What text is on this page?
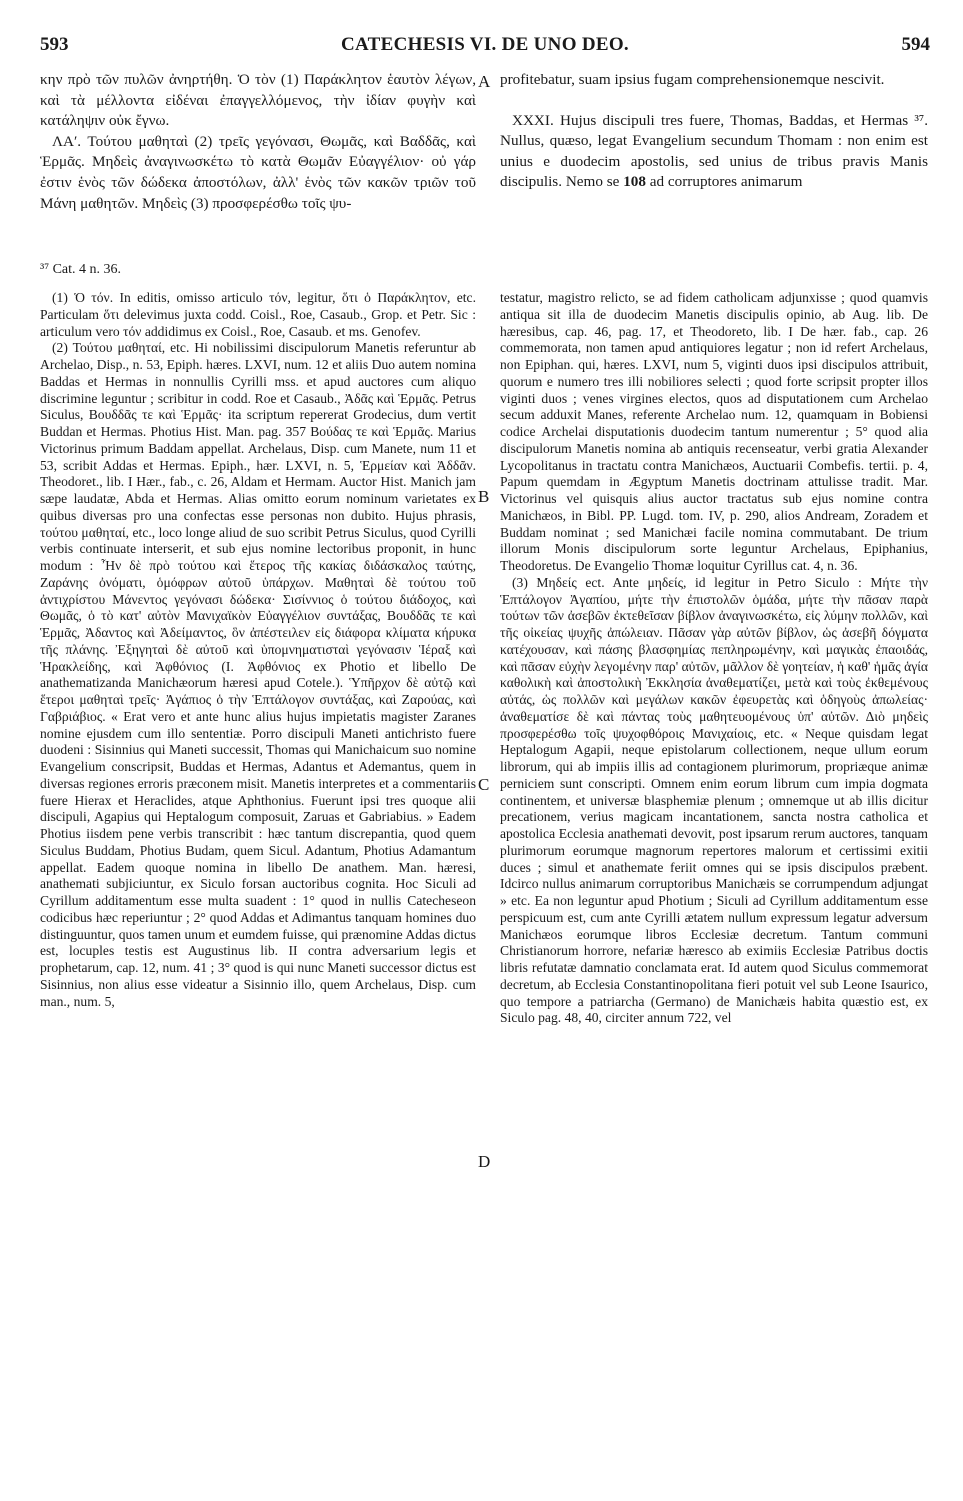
593	CATECHESIS VI. DE UNO DEO.	594

κην πρὸ τῶν πυλῶν ἀνηρτήθη. Ὁ τὸν (1) Παράκλητον ἑαυτὸν λέγων, καὶ τὰ μέλλοντα εἰδέναι ἐπαγγελλόμενος, τὴν ἰδίαν φυγὴν καὶ κατάληψιν οὐκ ἔγνω.

ΛΑʹ. Τούτου μαθηταὶ (2) τρεῖς γεγόνασι, Θωμᾶς, καὶ Βαδδᾶς, καὶ Ἑρμᾶς. Μηδεὶς ἀναγινωσκέτω τὸ κατὰ Θωμᾶν Εὐαγγέλιον· οὐ γάρ ἐστιν ἑνὸς τῶν δώδεκα ἀποστόλων, ἀλλ' ἑνὸς τῶν κακῶν τριῶν τοῦ Μάνη μαθητῶν. Μηδεὶς (3) προσφερέσθω τοῖς ψυ-

profitebatur, suam ipsius fugam comprehensionemque nescivit.

XXXI. Hujus discipuli tres fuere, Thomas, Baddas, et Hermas ³⁷. Nullus, quæso, legat Evangelium secundum Thomam : non enim est unius e duodecim apostolis, sed unius de tribus pravis Manis discipulis. Nemo se 108 ad corruptores animarum

³⁷ Cat. 4 n. 36.
A
B
C
D

(1) Ὁ τόν. In editis, omisso articulo τόν, legitur, ὅτι ὁ Παράκλητον, etc. Particulam ὅτι delevimus juxta codd. Coisl., Roe, Casaub., Grop. et Petr. Sic : articulum vero τόν addidimus ex Coisl., Roe, Casaub. et ms. Genofev.

(2) Τούτου μαθηταί, etc. Hi nobilissimi discipulorum Manetis referuntur ab Archelao, Disp., n. 53, Epiph. hæres. LXVI, num. 12 et aliis Duo autem nomina Baddas et Hermas in nonnullis Cyrilli mss. et apud auctores cum aliquo discrimine leguntur ; scribitur in codd. Roe et Casaub., Ἀδᾶς καὶ Ἑρμᾶς. Petrus Siculus, Βουδδᾶς τε καὶ Ἑρμᾶς· ita scriptum repererat Grodecius, dum vertit Buddan et Hermas. Photius Hist. Man. pag. 357 Βούδας τε καὶ Ἑρμᾶς. Marius Victorinus primum Baddam appellat. Archelaus, Disp. cum Manete, num 11 et 53, scribit Addas et Hermas. Epiph., hær. LXVI, n. 5, Ἑρμείαν καὶ Ἀδδᾶν. Theodoret., lib. I Hær., fab., c. 26, Aldam et Hermam. Auctor Hist. Manich jam sæpe laudatæ, Abda et Hermas. Alias omitto eorum nominum varietates ex quibus diversas pro una confectas esse personas non dubito. Hujus phrasis, τούτου μαθηταί, etc., loco longe aliud de suo scribit Petrus Siculus, quod Cyrilli verbis continuate interserit, et sub ejus nomine lectoribus proponit, in hunc modum : Ἦν δὲ πρὸ τούτου καὶ ἕτερος τῆς κακίας διδάσκαλος ταύτης, Ζαράνης ὀνόματι, ὁμόφρων αὐτοῦ ὑπάρχων. Μαθηταὶ δὲ τούτου τοῦ ἀντιχρίστου Μάνεντος γεγόνασι δώδεκα· Σισίννιος ὁ τούτου διάδοχος, καὶ Θωμᾶς, ὁ τὸ κατ' αὐτὸν Μανιχαϊκὸν Εὐαγγέλιον συντάξας, Βουδδᾶς τε καὶ Ἑρμᾶς, Ἀδαντος καὶ Ἀδείμαντος, ὃν ἀπέστειλεν εἰς διάφορα κλίματα κήρυκα τῆς πλάνης. Ἐξηγηταὶ δὲ αὐτοῦ καὶ ὑπομνηματισταὶ γεγόνασιν Ἱέραξ καὶ Ἡρακλείδης, καὶ Ἀφθόνιος (I. Ἀφθόνιος ex Photio et libello De anathematizanda Manichæorum hæresi apud Cotele.). Ὑπῆρχον δὲ αὐτῷ καὶ ἕτεροι μαθηταὶ τρεῖς· Ἀγάπιος ὁ τὴν Ἑπτάλογον συντάξας, καὶ Ζαρούας, καὶ Γαβριάβιος. « Erat vero et ante hunc alius hujus impietatis magister Zaranes nomine ejusdem cum illo sententiæ. Porro discipuli Maneti antichristo fuere duodeni : Sisinnius qui Maneti successit, Thomas qui Manichaicum suo nomine Evangelium conscripsit, Buddas et Hermas, Adantus et Ademantus, quem in diversas regiones erroris præconem misit. Manetis interpretes et a commentariis fuere Hierax et Heraclides, atque Aphthonius. Fuerunt ipsi tres quoque alii discipuli, Agapius qui Heptalogum composuit, Zaruas et Gabriabius. » Eadem Photius iisdem pene verbis transcribit : hæc tantum discrepantia, quod quem Siculus Buddam, Photius Budam, quem Sicul. Adantum, Photius Adamantum appellat. Eadem quoque nomina in libello De anathem. Man. hæresi, anathemati subjiciuntur, ex Siculo forsan auctoribus cognita. Hoc Siculi ad Cyrillum additamentum esse multa suadent : 1° quod in nullis Catecheseon codicibus hæc reperiuntur ; 2° quod Addas et Adimantus tanquam homines duo distinguuntur, quos tamen unum et eumdem fuisse, qui prænomine Addas dictus est, locuples testis est Augustinus lib. II contra adversarium legis et prophetarum, cap. 12, num. 41 ; 3° quod is qui nunc Maneti successor dictus est Sisinnius, non alius esse videatur a Sisinnio illo, quem Archelaus, Disp. cum man., num. 5,

testatur, magistro relicto, se ad fidem catholicam adjunxisse ; quod quamvis antiqua sit illa de duodecim Manetis discipulis opinio, ab Aug. lib. De hæresibus, cap. 46, pag. 17, et Theodoreto, lib. I De hær. fab., cap. 26 commemorata, non tamen apud antiquiores legatur ; non id refert Archelaus, non Epiphan. qui, hæres. LXVI, num 5, viginti duos ipsi discipulos attribuit, quorum e numero tres illi nobiliores selecti ; quod forte scripsit propter illos viginti duos ; venes virgines electos, quos ad disputationem cum Archelao secum adduxit Manes, referente Archelao num. 12, quamquam in Bobiensi codice Archelai disputationis duodecim tantum numerentur ; 5° quod alia discipulorum Manetis nomina ab antiquis recenseatur, verbi gratia Alexander Lycopolitanus in tractatu contra Manichæos, Auctuarii Combefis. tertii. p. 4, Papum quemdam in Ægyptum Manetis doctrinam attulisse tradit. Mar. Victorinus vel quisquis alius auctor tractatus sub ejus nomine contra Manichæos, in Bibl. PP. Lugd. tom. IV, p. 290, alios Andream, Zoradem et Buddam nominat ; sed Manichæi facile nomina commutabant. De trium illorum Monis discipulorum sorte leguntur Archelaus, Epiphanius, Theodoretus. De Evangelio Thomæ loquitur Cyrillus cat. 4, n. 36.

(3) Μηδείς ect. Ante μηδείς, id legitur in Petro Siculo : Μήτε τὴν Ἑπτάλογον Ἀγαπίου, μήτε τὴν ἐπιστολῶν ὁμάδα, μήτε τὴν πᾶσαν παρὰ τούτων τῶν ἀσεβῶν ἐκτεθεῖσαν βίβλον ἀναγινωσκέτω, εἰς λύμην πολλῶν, καὶ τῆς οἰκείας ψυχῆς ἀπώλειαν. Πᾶσαν γὰρ αὐτῶν βίβλον, ὡς ἀσεβῆ δόγματα κατέχουσαν, καὶ πάσης βλασφημίας πεπληρωμένην, καὶ μαγικὰς ἐπαοιδάς, καὶ πᾶσαν εὐχὴν λεγομένην παρ' αὐτῶν, μᾶλλον δὲ γοητείαν, ἡ καθ' ἡμᾶς ἁγία καθολικὴ καὶ ἀποστολικὴ Ἐκκλησία ἀναθεματίζει, μετὰ καὶ τοὺς ἐκθεμένους αὐτάς, ὡς πολλῶν καὶ μεγάλων κακῶν ἐφευρετὰς καὶ ὁδηγοὺς ἀπωλείας· ἀναθεματίσε δὲ καὶ πάντας τοὺς μαθητευομένους ὑπ' αὐτῶν. Διὸ μηδεὶς προσφερέσθω τοῖς ψυχοφθόροις Μανιχαίοις, etc. « Neque quisdam legat Heptalogum Agapii, neque epistolarum collectionem, neque ullum eorum librorum, qui ab impiis illis ad contagionem plurimorum, propriæque animæ perniciem sunt conscripti. Omnem enim eorum librum cum impia dogmata continentem, et universæ blasphemiæ plenum ; omnemque ut ab illis dicitur precationem, verius magicam incantationem, sancta nostra catholica et apostolica Ecclesia anathemati devovit, post ipsarum rerum auctores, tanquam plurimorum eorumque magnorum repertores malorum et certissimi exitii duces ; simul et anathemate feriit omnes qui se ipsis discipulos præbent. Idcirco nullus animarum corruptoribus Manichæis se corrumpendum adjungat » etc. Ea non leguntur apud Photium ; Siculi ad Cyrillum additamentum esse perspicuum est, cum ante Cyrilli ætatem nullum expressum legatur adversum Manichæos eorumque libros Ecclesiæ decretum. Tantum communi Christianorum horrore, nefariæ hæresco ab eximiis Ecclesiæ Patribus doctis libris refutatæ damnatio conclamata erat. Id autem quod Siculus commemorat decretum, ab Ecclesia Constantinopolitana fieri potuit vel sub Leone Isaurico, quo tempore a patriarcha (Germano) de Manichæis habita quæstio est, ex Siculo pag. 48, 40, circiter annum 722, vel
